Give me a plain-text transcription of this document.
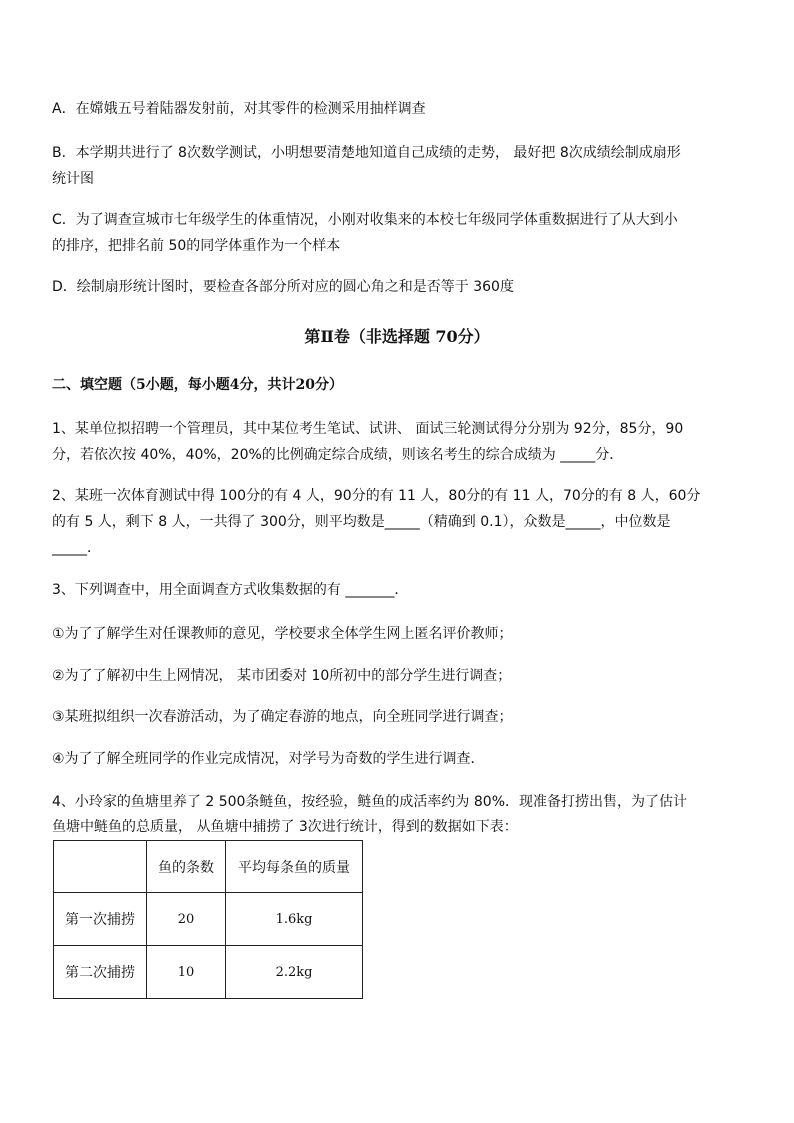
A．在嫦娥五号着陆器发射前，对其零件的检测采用抽样调查

B．本学期共进行了 8次数学测试，小明想要清楚地知道自己成绩的走势， 最好把 8次成绩绘制成扇形

统计图

C．为了调查宣城市七年级学生的体重情况，小刚对收集来的本校七年级同学体重数据进行了从大到小

的排序，把排名前 50的同学体重作为一个样本

D．绘制扇形统计图时，要检查各部分所对应的圆心角之和是否等于 360度

第Ⅱ卷（非选择题 70分）
二、填空题（5小题，每小题4分，共计20分）

1、某单位拟招聘一个管理员，其中某位考生笔试、试讲、 面试三轮测试得分分别为 92分，85分，90

分，若依次按 40%，40%，20%的比例确定综合成绩，则该名考生的综合成绩为 _____分．

2、某班一次体育测试中得 100分的有 4 人，90分的有 11 人，80分的有 11 人，70分的有 8 人，60分

的有 5 人，剩下 8 人，一共得了 300分，则平均数是_____（精确到 0.1），众数是_____，中位数是

_____．

3、下列调查中，用全面调查方式收集数据的有 _______．

①为了了解学生对任课教师的意见，学校要求全体学生网上匿名评价教师；

②为了了解初中生上网情况， 某市团委对 10所初中的部分学生进行调查；

③某班拟组织一次春游活动，为了确定春游的地点，向全班同学进行调查；

④为了了解全班同学的作业完成情况，对学号为奇数的学生进行调查．

4、小玲家的鱼塘里养了 2 500条鲢鱼，按经验，鲢鱼的成活率约为 80%．现准备打捞出售，为了估计

鱼塘中鲢鱼的总质量， 从鱼塘中捕捞了 3次进行统计，得到的数据如下表：

	鱼的条数	平均每条鱼的质量
第一次捕捞	20	1.6kg
第二次捕捞	10	2.2kg
